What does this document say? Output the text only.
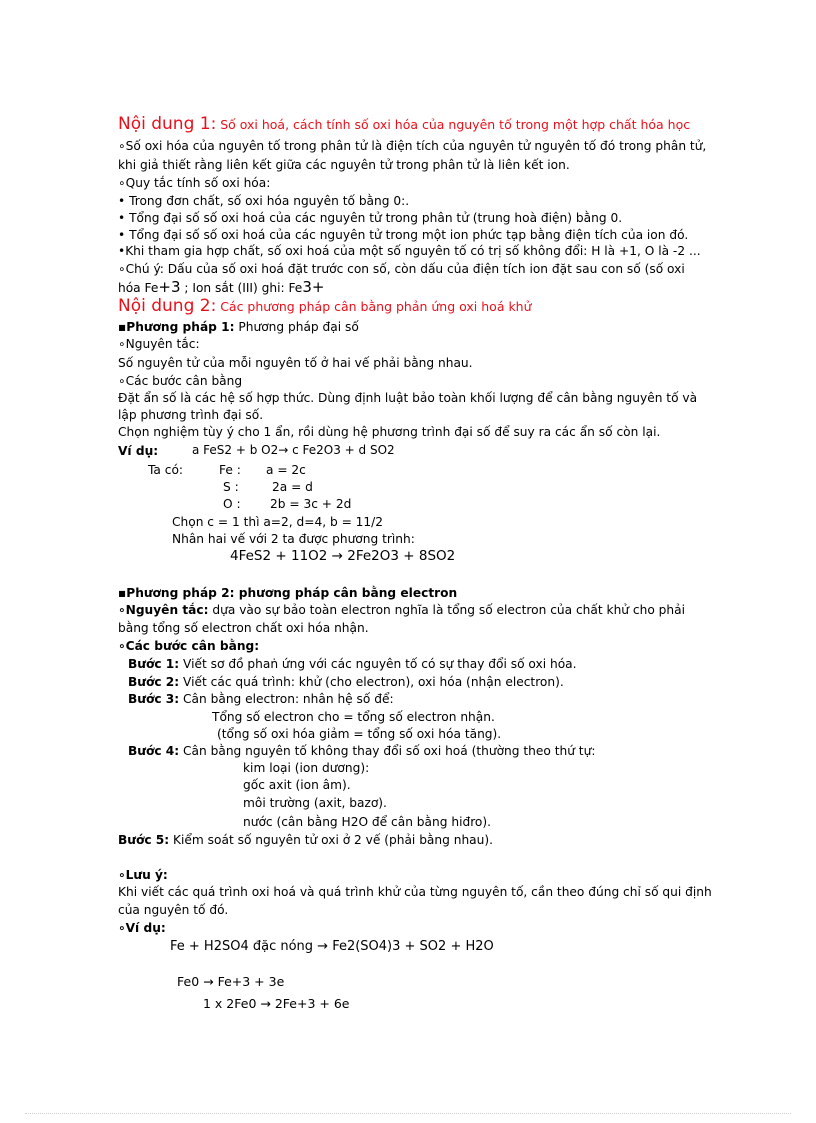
Nội dung 1: Số oxi hoá, cách tính số oxi hóa của nguyên tố trong một hợp chất hóa học
∘Số oxi hóa của nguyên tố trong phân tử là điện tích của nguyên tử nguyên tố đó trong phân tử,
khi giả thiết rằng liên kết giữa các nguyên tử trong phân tử là liên kết ion.
∘Quy tắc tính số oxi hóa:
• Trong đơn chất, số oxi hóa nguyên tố bằng 0:.
• Tổng đại số số oxi hoá của các nguyên tử trong phân tử (trung hoà điện) bằng 0.
• Tổng đại số số oxi hoá của các nguyên tử trong một ion phức tạp bằng điện tích của ion đó.
•Khi tham gia hợp chất, số oxi hoá của một số nguyên tố có trị số không đổi: H là +1, O là -2 ...
∘Chú ý: Dấu của số oxi hoá đặt trước con số, còn dấu của điện tích ion đặt sau con số (số oxi
hóa Fe+3 ; Ion sắt (III) ghi: Fe3+
Nội dung 2: Các phương pháp cân bằng phản ứng oxi hoá khử
▪Phương pháp 1: Phương pháp đại số
∘Nguyên tắc:
Số nguyên tử của mỗi nguyên tố ở hai vế phải bằng nhau.
∘Các bước cân bằng
Đặt ẩn số là các hệ số hợp thức. Dùng định luật bảo toàn khối lượng để cân bằng nguyên tố và
lập phương trình đại số.
Chọn nghiệm tùy ý cho 1 ẩn, rồi dùng hệ phương trình đại số để suy ra các ẩn số còn lại.
Ví dụ:	a FeS2 + b O2→ c Fe2O3 + d SO2
Ta có:	Fe : a = 2c
S :	2a = d
O : 2b = 3c + 2d
Chọn c = 1 thì a=2, d=4, b = 11/2
Nhân hai vế với 2 ta được phương trình:
4FeS2 + 11O2 → 2Fe2O3 + 8SO2
▪Phương pháp 2: phương pháp cân bằng electron
∘Nguyên tắc: dựa vào sự bảo toàn electron nghĩa là tổng số electron của chất khử cho phải
bằng tổng số electron chất oxi hóa nhận.
∘Các bước cân bằng:
Bước 1: Viết sơ đồ phaṅ ứng với các nguyên tố có sự thay đổi số oxi hóa.
Bước 2: Viết các quá trình: khử (cho electron), oxi hóa (nhận electron).
Bước 3: Cân bằng electron: nhân hệ số để:
Tổng số electron cho = tổng số electron nhận.
(tổng số oxi hóa giảm = tổng số oxi hóa tăng).
Bước 4: Cân bằng nguyên tố không thay đổi số oxi hoá (thường theo thứ tự:
kim loại (ion dương):
gốc axit (ion âm).
môi trường (axit, bazơ).
nước (cân bằng H2O để cân bằng hiđro).
Bước 5: Kiểm soát số nguyên tử oxi ở 2 vế (phải bằng nhau).
∘Lưu ý:
Khi viết các quá trình oxi hoá và quá trình khử của từng nguyên tố, cần theo đúng chỉ số qui định
của nguyên tố đó.
∘Ví dụ:
Fe + H2SO4 đặc nóng → Fe2(SO4)3 + SO2 + H2O
Fe0 → Fe+3 + 3e
1 x 2Fe0 → 2Fe+3 + 6e
